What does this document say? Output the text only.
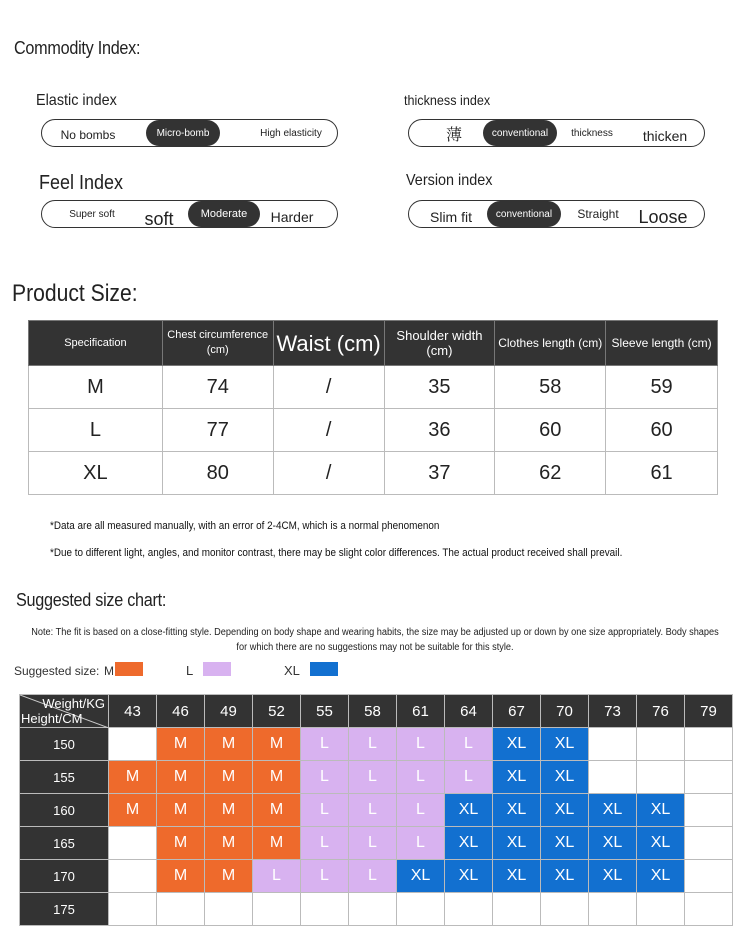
Commodity Index:
Elastic index
No bombs	Micro-bomb	High elasticity
thickness index
薄	conventional	thickness	thicken
Feel Index
Super soft	soft	Moderate	Harder
Version index
Slim fit	conventional	Straight	Loose
Product Size:
Specification	Chest circumference (cm)	Waist (cm)	Shoulder width (cm)	Clothes length (cm)	Sleeve length (cm)
M	74	/	35	58	59
L	77	/	36	60	60
XL	80	/	37	62	61
*Data are all measured manually, with an error of 2-4CM, which is a normal phenomenon
*Due to different light, angles, and monitor contrast, there may be slight color differences. The actual product received shall prevail.
Suggested size chart:
Note: The fit is based on a close-fitting style. Depending on body shape and wearing habits, the size may be adjusted up or down by one size appropriately. Body shapes for which there are no suggestions may not be suitable for this style.
Suggested size: M	L	XL
Weight/KG
Height/CM	43	46	49	52	55	58	61	64	67	70	73	76	79
150		M	M	M	L	L	L	L	XL	XL			
155	M	M	M	M	L	L	L	L	XL	XL			
160	M	M	M	M	L	L	L	XL	XL	XL	XL	XL	
165		M	M	M	L	L	L	XL	XL	XL	XL	XL	
170		M	M	L	L	L	XL	XL	XL	XL	XL	XL	
175													
